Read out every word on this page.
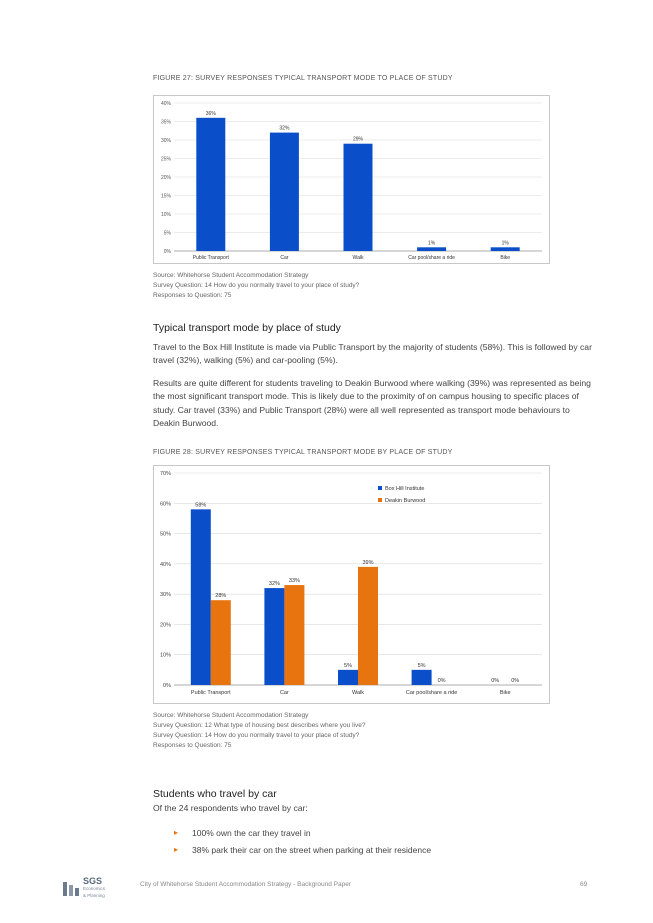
FIGURE 27: SURVEY RESPONSES TYPICAL TRANSPORT MODE TO PLACE OF STUDY
0%
5%
10%
15%
20%
25%
30%
35%
40%
36%
Public Transport
32%
Car
29%
Walk
1%
Car pool/share a ride
1%
Bike
Source: Whitehorse Student Accommodation Strategy
Survey Question: 14 How do you normally travel to your place of study?
Responses to Question: 75
Typical transport mode by place of study
Travel to the Box Hill Institute is made via Public Transport by the majority of students (58%). This is followed by car travel (32%), walking (5%) and car-pooling (5%).
Results are quite different for students traveling to Deakin Burwood where walking (39%) was represented as being the most significant transport mode. This is likely due to the proximity of on campus housing to specific places of study. Car travel (33%) and Public Transport (28%) were all well represented as transport mode behaviours to Deakin Burwood.
FIGURE 28: SURVEY RESPONSES TYPICAL TRANSPORT MODE BY PLACE OF STUDY
0%
10%
20%
30%
40%
50%
60%
70%
58%
28%
Public Transport
32%
33%
Car
5%
39%
Walk
5%
0%
Car pool/share a ride
0% 0%
Bike
Box Hill Institute
Deakin Burwood
Source: Whitehorse Student Accommodation Strategy
Survey Question: 12 What type of housing best describes where you live?
Survey Question: 14 How do you normally travel to your place of study?
Responses to Question: 75
Students who travel by car
Of the 24 respondents who travel by car:
▸ 100% own the car they travel in
▸ 38% park their car on the street when parking at their residence
SGS
Economics
& Planning
City of Whitehorse Student Accommodation Strategy - Background Paper	69
